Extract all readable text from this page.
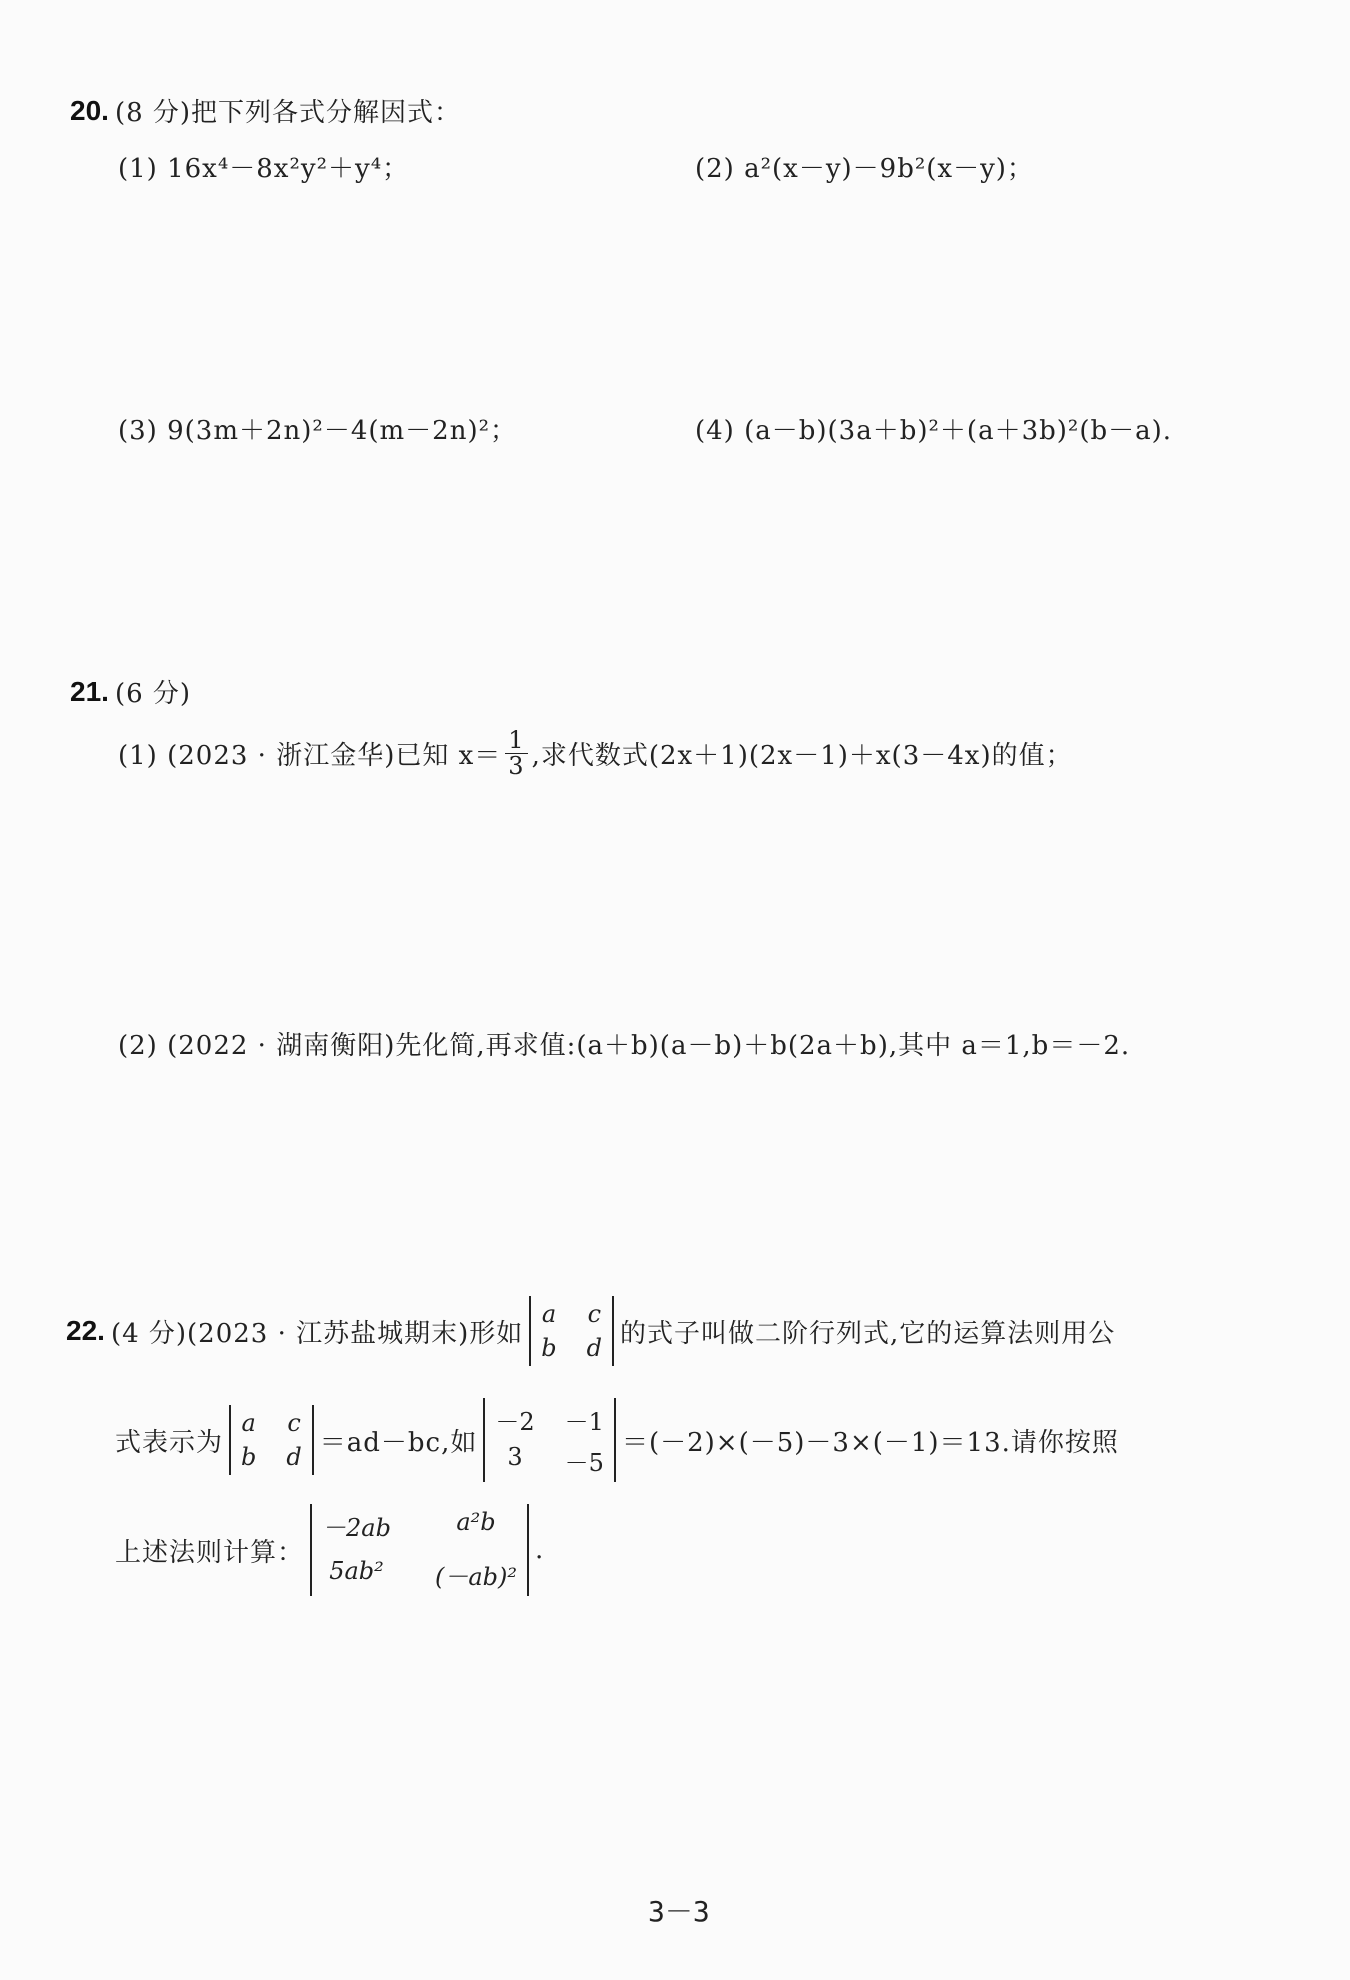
20. (8 分)把下列各式分解因式：
(1) 16x⁴－8x²y²＋y⁴；	(2) a²(x－y)－9b²(x－y)；
(3) 9(3m＋2n)²－4(m－2n)²；	(4) (a－b)(3a＋b)²＋(a＋3b)²(b－a).
21. (6 分)
(1) (2023 · 浙江金华)已知 $x= \frac{1}{3}$ ,求代数式(2x＋1)(2x－1)＋x(3－4x)的值；
(2) (2022 · 湖南衡阳)先化简,再求值:(a＋b)(a－b)＋b(2a＋b),其中 a＝1,b＝－2.
22. (4 分)(2023 · 江苏盐城期末)形如
a c
b d 的式子叫做二阶行列式,它的运算法则用公
式表示为
a c
b d ＝ad－bc,如
－2 －1
3	－5
＝(－2)×(－5)－3×(－1)＝13.请你按照
上述法则计算：
－2ab	a²b
5ab²	(－ab)²
.
3－3
